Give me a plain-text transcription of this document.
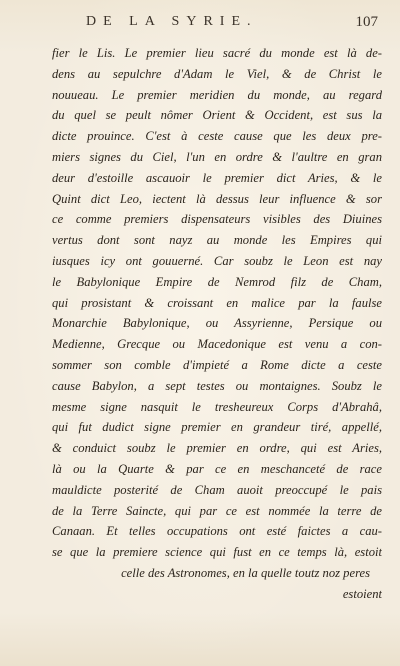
DE LA SYRIE.	107
fier le Lis. Le premier lieu sacré du monde est là de-
dens au sepulchre d'Adam le Viel, & de Christ le
nouueau. Le premier meridien du monde, au regard
du quel se peult nômer Orient & Occident, est sus la
dicte prouince. C'est à ceste cause que les deux pre-
miers signes du Ciel, l'un en ordre & l'aultre en gran
deur d'estoille ascauoir le premier dict Aries, & le
Quint dict Leo, iectent là dessus leur influence & sor
ce comme premiers dispensateurs visibles des Diuines
vertus dont sont nayz au monde les Empires qui
iusques icy ont gouuerné. Car soubz le Leon est nay
le Babylonique Empire de Nemrod filz de Cham,
qui prosistant & croissant en malice par la faulse
Monarchie Babylonique, ou Assyrienne, Persique ou
Medienne, Grecque ou Macedonique est venu a con-
sommer son comble d'impieté a Rome dicte a ceste
cause Babylon, a sept testes ou montaignes. Soubz le
mesme signe nasquit le tresheureux Corps d'Abrahâ,
qui fut dudict signe premier en grandeur tiré, appellé,
& conduict soubz le premier en ordre, qui est Aries,
là ou la Quarte & par ce en meschanceté de race
mauldicte posterité de Cham auoit preoccupé le pais
de la Terre Saincte, qui par ce est nommée la terre de
Canaan. Et telles occupations ont esté faictes a cau-
se que la premiere science qui fust en ce temps là, estoit
celle des Astronomes, en la quelle toutz noz peres
estoient
